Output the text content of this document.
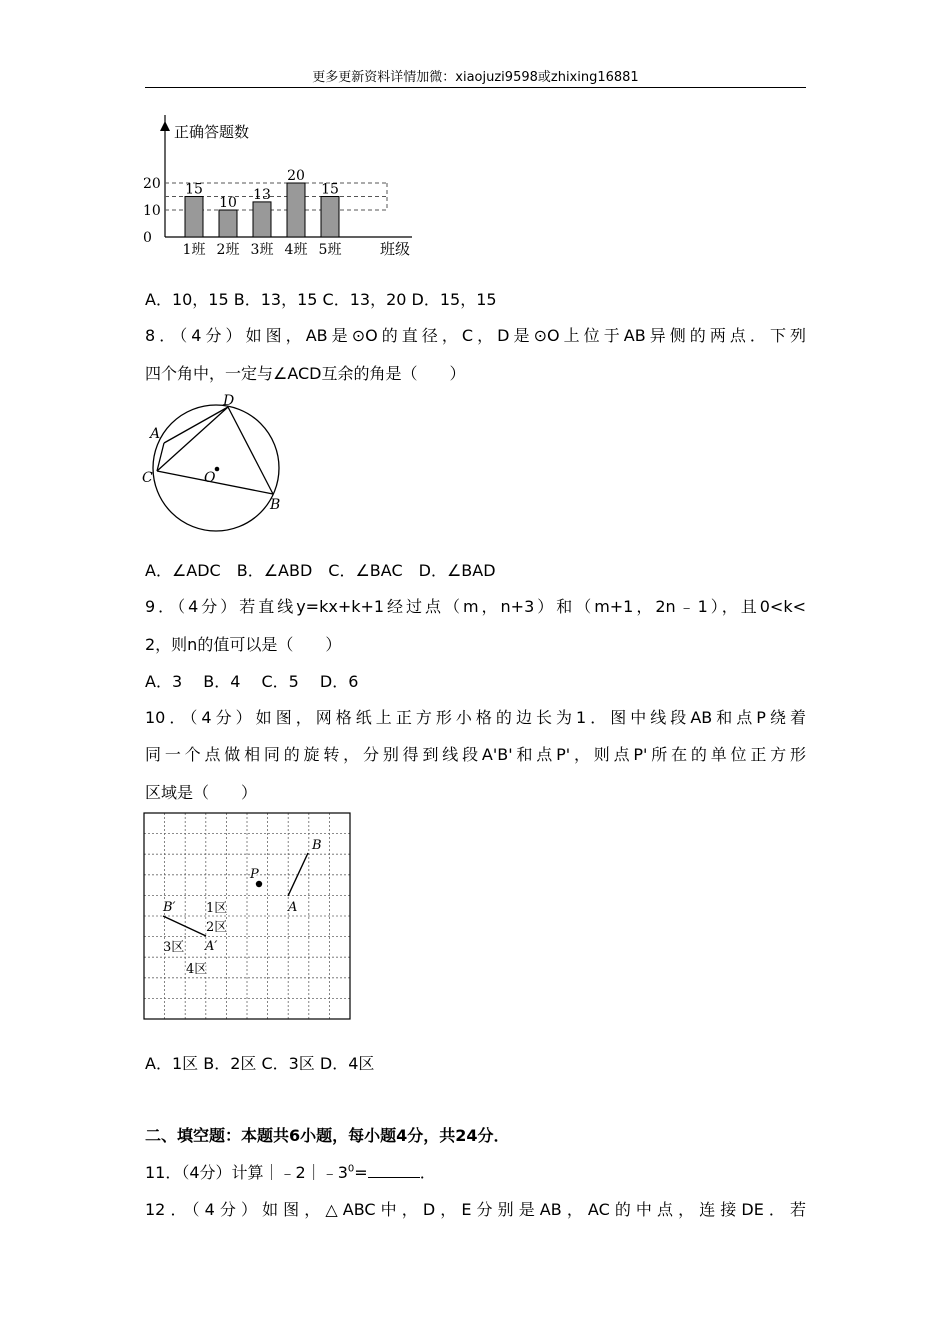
更多更新资料详情加微：xiaojuzi9598或zhixing16881
正确答题数
班级
0
10
20 15
1班
10
2班
13
3班
20
4班
15
5班
A．10，15 B．13，15 C．13，20 D．15，15
8．（4分）如图，AB是⊙O的直径，C，D是⊙O上位于AB异侧的两点．下列
四个角中，一定与∠ACD互余的角是（　　）
A
D
C	O
B
A．∠ADC　B．∠ABD　C．∠BAC　D．∠BAD
9．（4分）若直线y=kx+k+1经过点（m，n+3）和（m+1，2n﹣1），且0<k<
2，则n的值可以是（　　）
A．3　 B．4　 C．5　 D．6
10．（4分）如图，网格纸上正方形小格的边长为1．图中线段AB和点P绕着
同一个点做相同的旋转，分别得到线段A'B'和点P'，则点P'所在的单位正方形
区域是（　　）
B
A
P
B′
A′
1区
2区
3区
4区
A．1区 B．2区 C．3区 D．4区
二、填空题：本题共6小题，每小题4分，共24分．
11．（4分）计算$|﹣2|﹣3^0=$	．
12．（4分）如图，△ABC中，D，E分别是AB，AC的中点，连接DE．若
